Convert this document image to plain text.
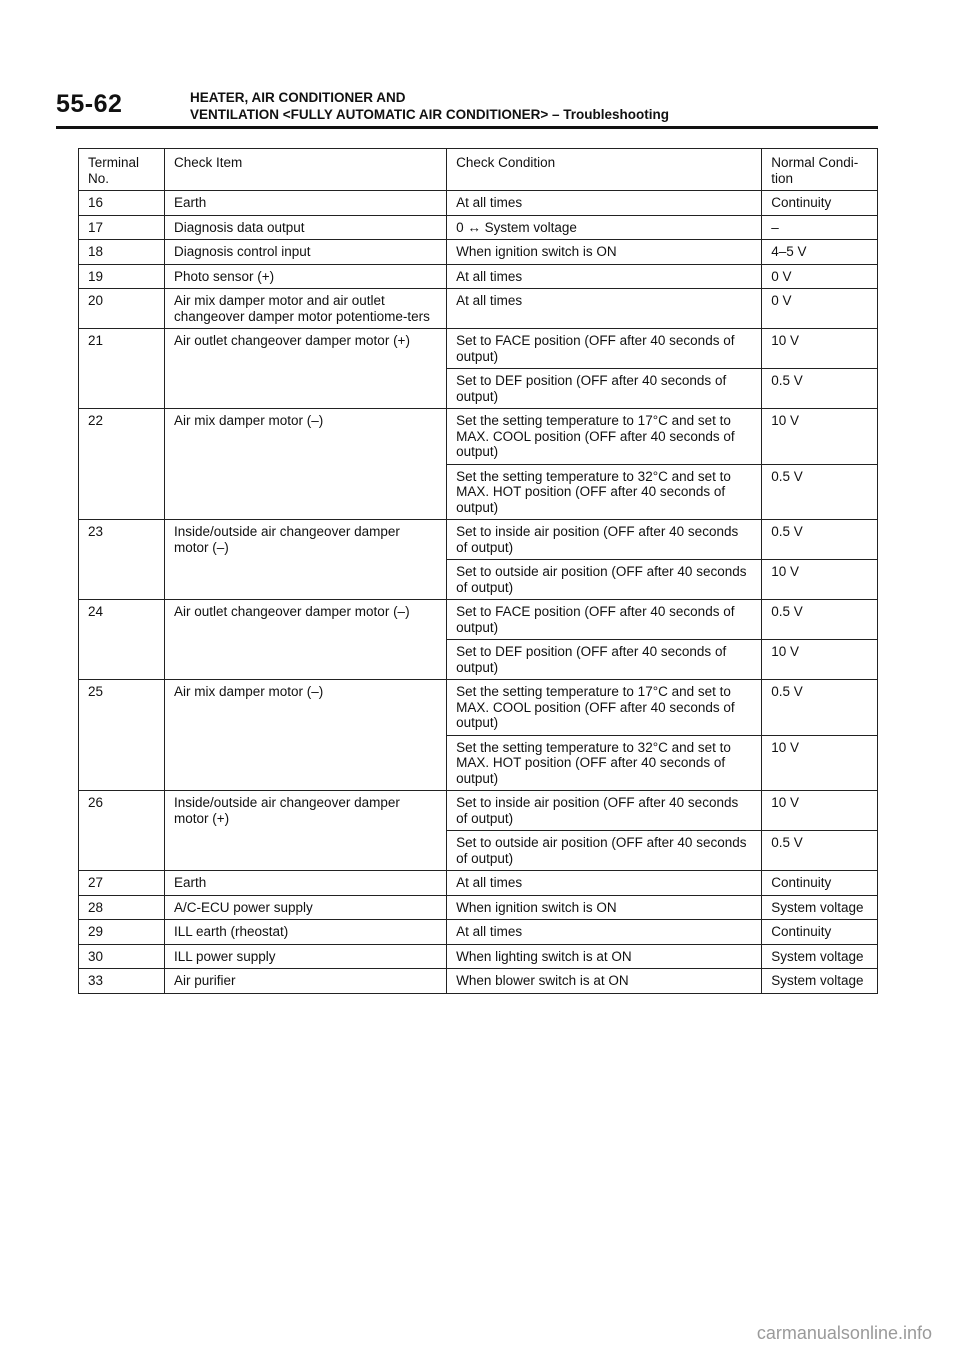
55-62	HEATER, AIR CONDITIONER AND
VENTILATION <FULLY AUTOMATIC AIR CONDITIONER> – Troubleshooting
Terminal No.	Check Item	Check Condition	Normal Condi-tion
16	Earth	At all times	Continuity
17	Diagnosis data output	0 ↔ System voltage	–
18	Diagnosis control input	When ignition switch is ON	4–5 V
19	Photo sensor (+)	At all times	0 V
20	Air mix damper motor and air outlet changeover damper motor potentiome-ters	At all times	0 V
21	Air outlet changeover damper motor (+)	Set to FACE position (OFF after 40 seconds of output)	10 V
		Set to DEF position (OFF after 40 seconds of output)	0.5 V
22	Air mix damper motor (–)	Set the setting temperature to 17°C and set to MAX. COOL position (OFF after 40 seconds of output)	10 V
		Set the setting temperature to 32°C and set to MAX. HOT position (OFF after 40 seconds of output)	0.5 V
23	Inside/outside air changeover damper motor (–)	Set to inside air position (OFF after 40 seconds of output)	0.5 V
		Set to outside air position (OFF after 40 seconds of output)	10 V
24	Air outlet changeover damper motor (–)	Set to FACE position (OFF after 40 seconds of output)	0.5 V
		Set to DEF position (OFF after 40 seconds of output)	10 V
25	Air mix damper motor (–)	Set the setting temperature to 17°C and set to MAX. COOL position (OFF after 40 seconds of output)	0.5 V
		Set the setting temperature to 32°C and set to MAX. HOT position (OFF after 40 seconds of output)	10 V
26	Inside/outside air changeover damper motor (+)	Set to inside air position (OFF after 40 seconds of output)	10 V
		Set to outside air position (OFF after 40 seconds of output)	0.5 V
27	Earth	At all times	Continuity
28	A/C-ECU power supply	When ignition switch is ON	System voltage
29	ILL earth (rheostat)	At all times	Continuity
30	ILL power supply	When lighting switch is at ON	System voltage
33	Air purifier	When blower switch is at ON	System voltage
carmanualsonline.info
